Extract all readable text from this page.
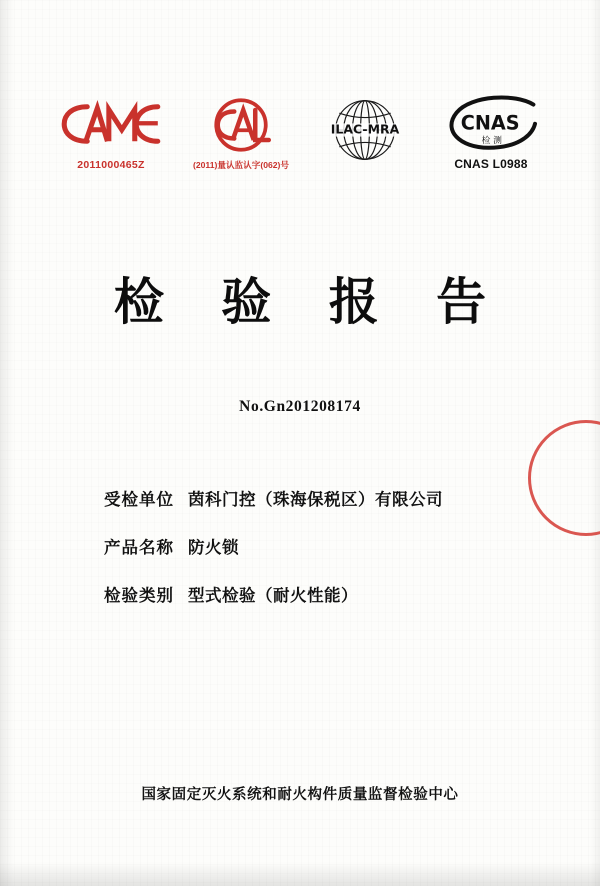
2011000465Z	(2011)量认监认字(062)号
ILAC-MRA	CNAS
检 测
CNAS L0988
检 验 报 告
No.Gn201208174
受检单位 茵科门控（珠海保税区）有限公司
产品名称 防火锁
检验类别 型式检验（耐火性能）
国家固定灭火系统和耐火构件质量监督检验中心
